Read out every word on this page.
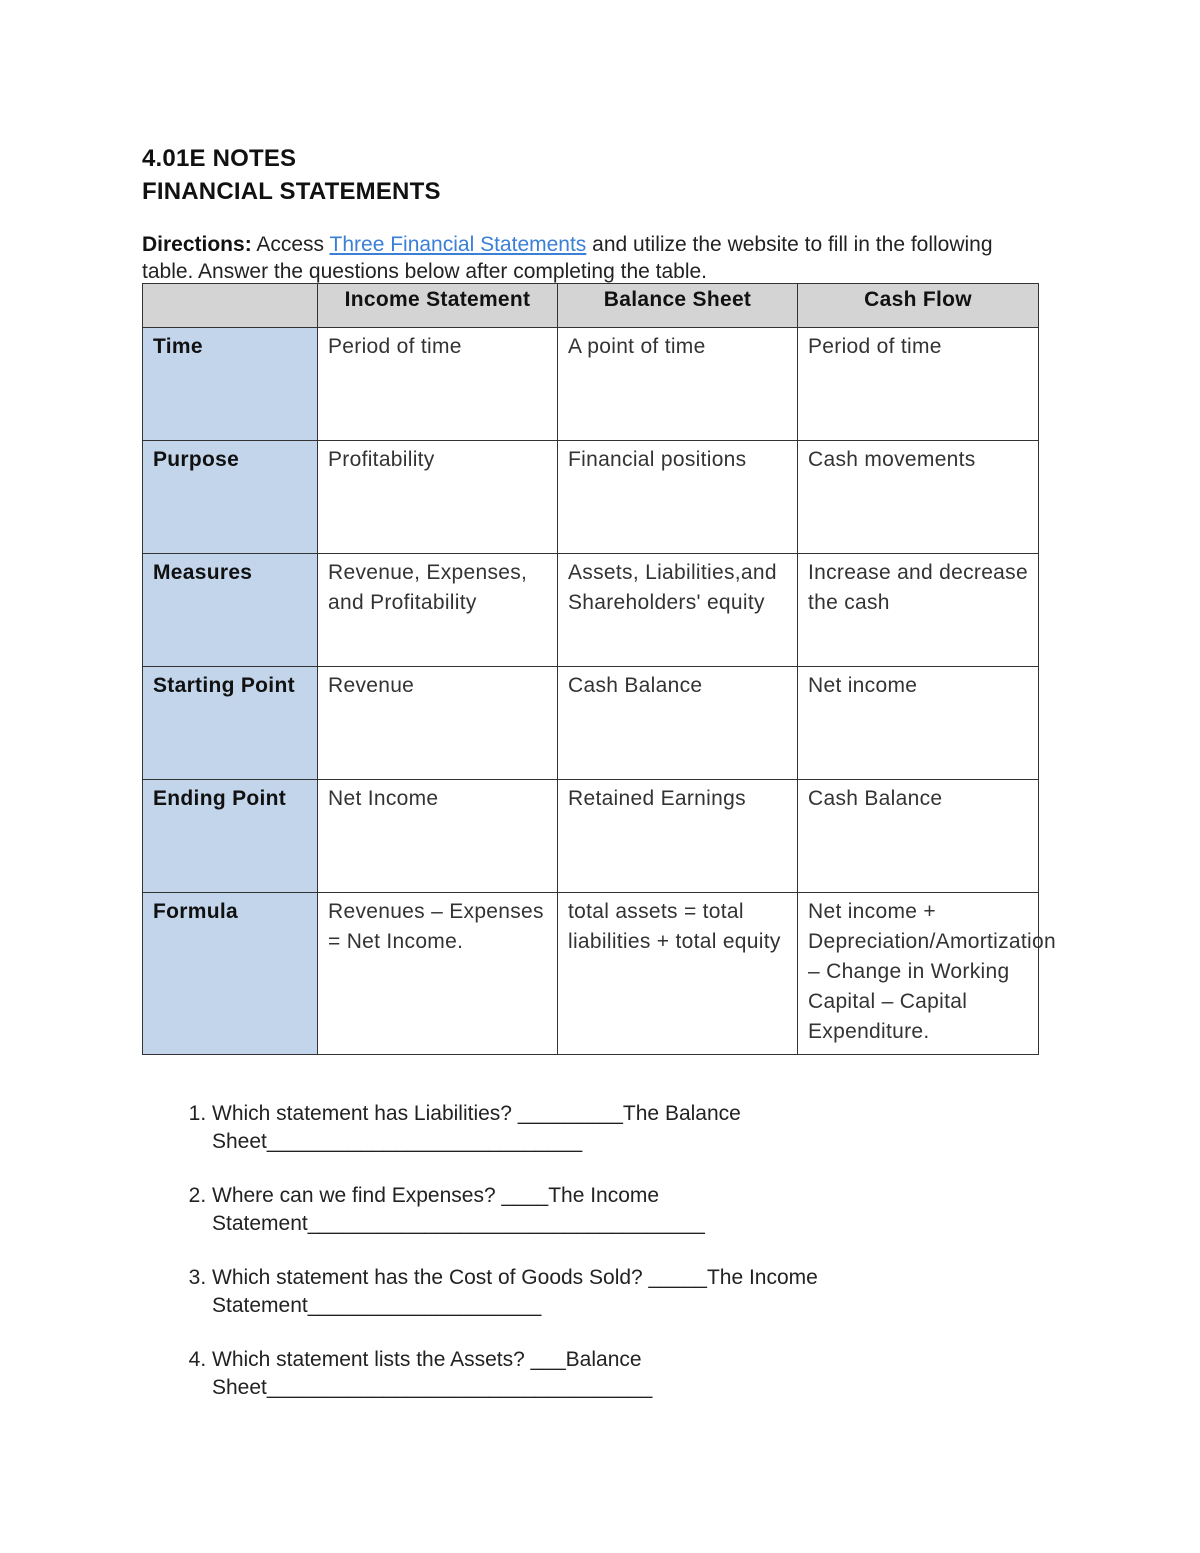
4.01E NOTES
FINANCIAL STATEMENTS

Directions: Access Three Financial Statements and utilize the website to fill in the following table. Answer the questions below after completing the table.

	Income Statement	Balance Sheet	Cash Flow
Time	Period of time	A point of time	Period of time
Purpose	Profitability	Financial positions	Cash movements
Measures	Revenue, Expenses, and Profitability	Assets, Liabilities,and Shareholders' equity	Increase and decrease the cash
Starting Point	Revenue	Cash Balance	Net income
Ending Point	Net Income	Retained Earnings	Cash Balance
Formula	Revenues – Expenses = Net Income.	total assets = total liabilities + total equity	Net income + Depreciation/Amortization – Change in Working Capital – Capital Expenditure.
1. Which statement has Liabilities? _________The Balance Sheet___________________________
2. Where can we find Expenses? ____The Income Statement__________________________________
3. Which statement has the Cost of Goods Sold? _____The Income Statement____________________
4. Which statement lists the Assets? ___Balance Sheet_________________________________
